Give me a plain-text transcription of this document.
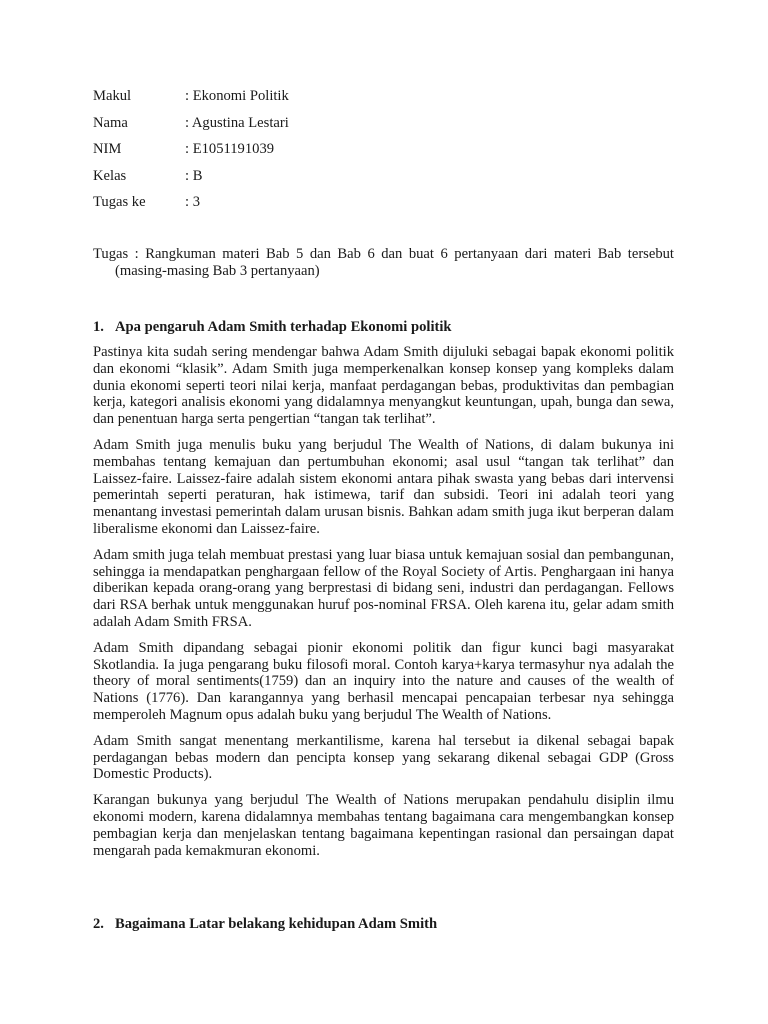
Makul	: Ekonomi Politik
Nama	: Agustina Lestari
NIM	: E1051191039
Kelas	: B
Tugas ke	: 3
Tugas : Rangkuman materi Bab 5 dan Bab 6 dan buat 6 pertanyaan dari materi Bab tersebut (masing-masing Bab 3 pertanyaan)
1. Apa pengaruh Adam Smith terhadap Ekonomi politik

Pastinya kita sudah sering mendengar bahwa Adam Smith dijuluki sebagai bapak ekonomi politik dan ekonomi “klasik”. Adam Smith juga memperkenalkan konsep konsep yang kompleks dalam dunia ekonomi seperti teori nilai kerja, manfaat perdagangan bebas, produktivitas dan pembagian kerja, kategori analisis ekonomi yang didalamnya menyangkut keuntungan, upah, bunga dan sewa, dan penentuan harga serta pengertian “tangan tak terlihat”.

Adam Smith juga menulis buku yang berjudul The Wealth of Nations, di dalam bukunya ini membahas tentang kemajuan dan pertumbuhan ekonomi; asal usul “tangan tak terlihat” dan Laissez-faire. Laissez-faire adalah sistem ekonomi antara pihak swasta yang bebas dari intervensi pemerintah seperti peraturan, hak istimewa, tarif dan subsidi. Teori ini adalah teori yang menantang investasi pemerintah dalam urusan bisnis. Bahkan adam smith juga ikut berperan dalam liberalisme ekonomi dan Laissez-faire.

Adam smith juga telah membuat prestasi yang luar biasa untuk kemajuan sosial dan pembangunan, sehingga ia mendapatkan penghargaan fellow of the Royal Society of Artis. Penghargaan ini hanya diberikan kepada orang-orang yang berprestasi di bidang seni, industri dan perdagangan. Fellows dari RSA berhak untuk menggunakan huruf pos-nominal FRSA. Oleh karena itu, gelar adam smith adalah Adam Smith FRSA.

Adam Smith dipandang sebagai pionir ekonomi politik dan figur kunci bagi masyarakat Skotlandia. Ia juga pengarang buku filosofi moral. Contoh karya+karya termasyhur nya adalah the theory of moral sentiments(1759) dan an inquiry into the nature and causes of the wealth of Nations (1776). Dan karangannya yang berhasil mencapai pencapaian terbesar nya sehingga memperoleh Magnum opus adalah buku yang berjudul The Wealth of Nations.

Adam Smith sangat menentang merkantilisme, karena hal tersebut ia dikenal sebagai bapak perdagangan bebas modern dan pencipta konsep yang sekarang dikenal sebagai GDP (Gross Domestic Products).

Karangan bukunya yang berjudul The Wealth of Nations merupakan pendahulu disiplin ilmu ekonomi modern, karena didalamnya membahas tentang bagaimana cara mengembangkan konsep pembagian kerja dan menjelaskan tentang bagaimana kepentingan rasional dan persaingan dapat mengarah pada kemakmuran ekonomi.

2. Bagaimana Latar belakang kehidupan Adam Smith
